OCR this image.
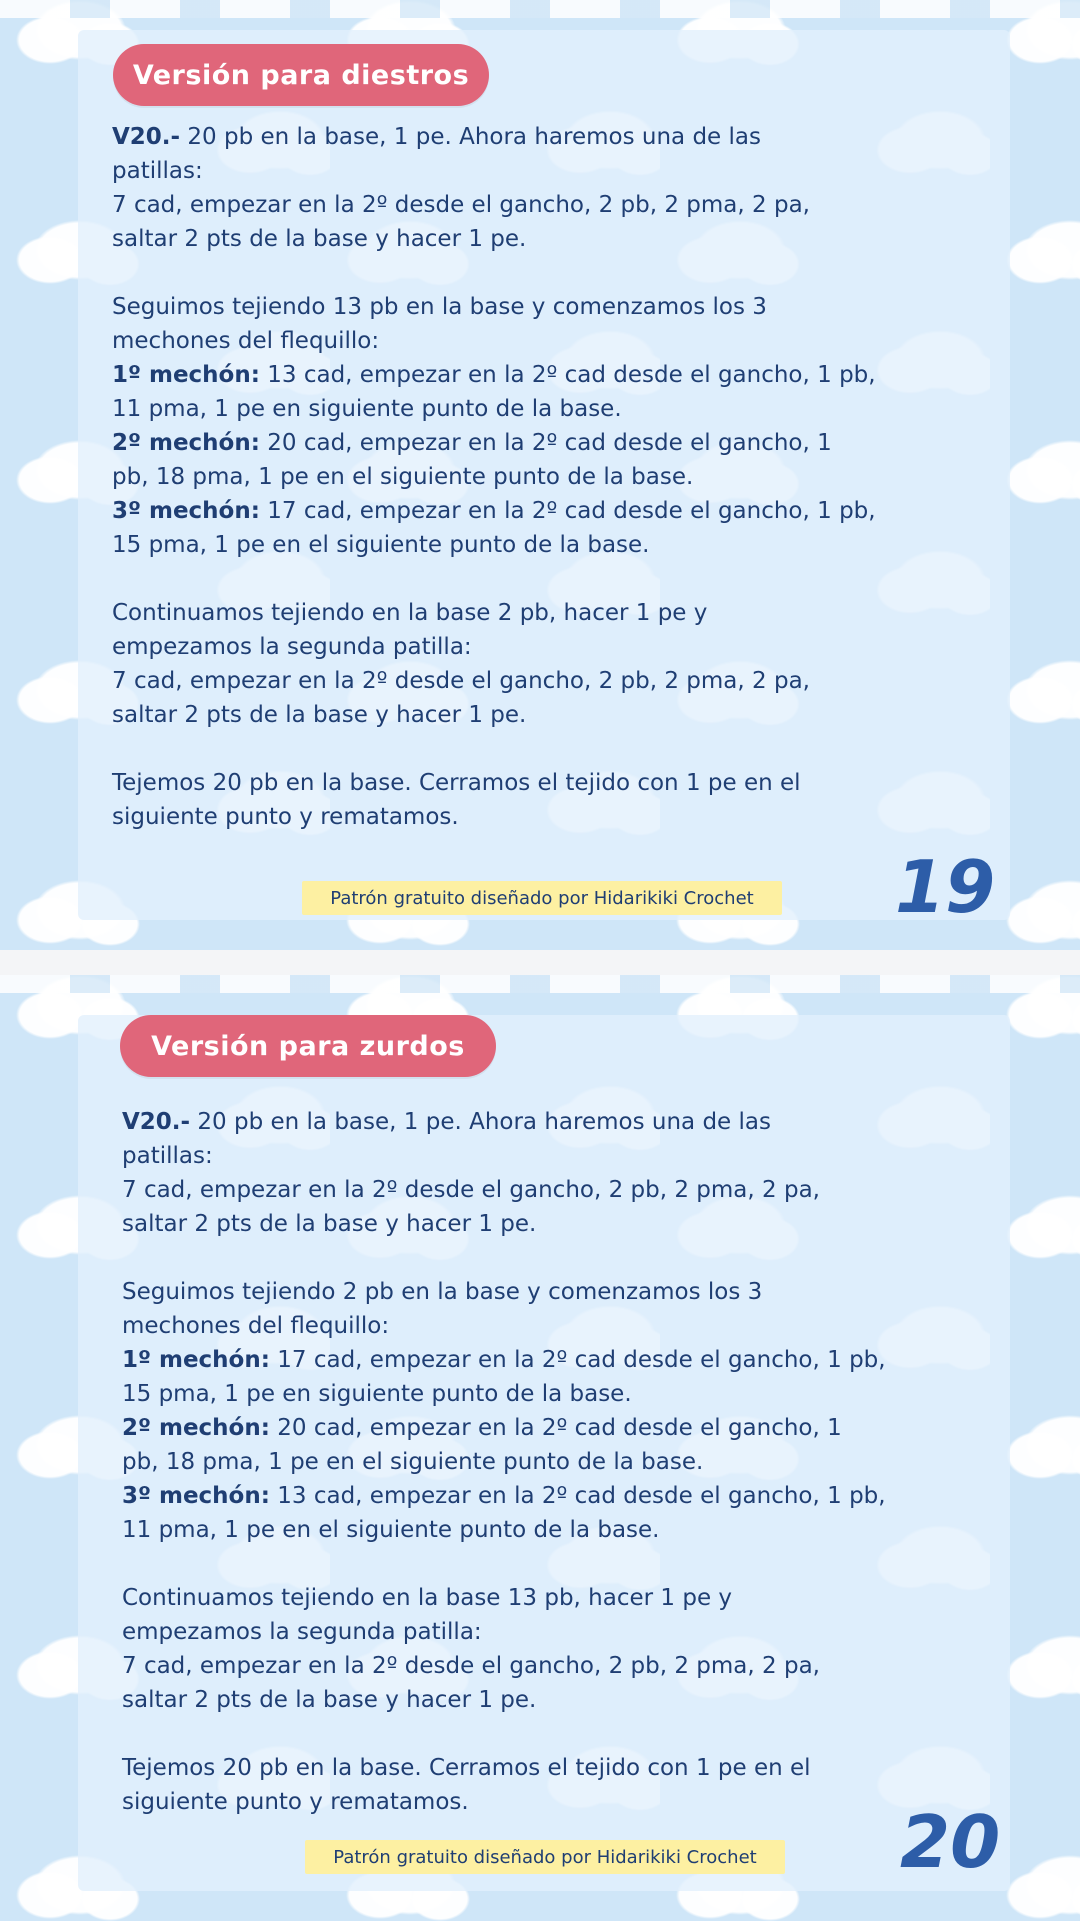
Versión para diestros

V20.- 20 pb en la base, 1 pe. Ahora haremos una de las
patillas:
7 cad, empezar en la 2º desde el gancho, 2 pb, 2 pma, 2 pa,
saltar 2 pts de la base y hacer 1 pe.

Seguimos tejiendo 13 pb en la base y comenzamos los 3
mechones del flequillo:
1º mechón: 13 cad, empezar en la 2º cad desde el gancho, 1 pb,
11 pma, 1 pe en siguiente punto de la base.
2º mechón: 20 cad, empezar en la 2º cad desde el gancho, 1
pb, 18 pma, 1 pe en el siguiente punto de la base.
3º mechón: 17 cad, empezar en la 2º cad desde el gancho, 1 pb,
15 pma, 1 pe en el siguiente punto de la base.

Continuamos tejiendo en la base 2 pb, hacer 1 pe y
empezamos la segunda patilla:
7 cad, empezar en la 2º desde el gancho, 2 pb, 2 pma, 2 pa,
saltar 2 pts de la base y hacer 1 pe.

Tejemos 20 pb en la base. Cerramos el tejido con 1 pe en el
siguiente punto y rematamos.

Patrón gratuito diseñado por Hidarikiki Crochet	19
Versión para zurdos

V20.- 20 pb en la base, 1 pe. Ahora haremos una de las
patillas:
7 cad, empezar en la 2º desde el gancho, 2 pb, 2 pma, 2 pa,
saltar 2 pts de la base y hacer 1 pe.

Seguimos tejiendo 2 pb en la base y comenzamos los 3
mechones del flequillo:
1º mechón: 17 cad, empezar en la 2º cad desde el gancho, 1 pb,
15 pma, 1 pe en siguiente punto de la base.
2º mechón: 20 cad, empezar en la 2º cad desde el gancho, 1
pb, 18 pma, 1 pe en el siguiente punto de la base.
3º mechón: 13 cad, empezar en la 2º cad desde el gancho, 1 pb,
11 pma, 1 pe en el siguiente punto de la base.

Continuamos tejiendo en la base 13 pb, hacer 1 pe y
empezamos la segunda patilla:
7 cad, empezar en la 2º desde el gancho, 2 pb, 2 pma, 2 pa,
saltar 2 pts de la base y hacer 1 pe.

Tejemos 20 pb en la base. Cerramos el tejido con 1 pe en el
siguiente punto y rematamos.

Patrón gratuito diseñado por Hidarikiki Crochet	20
